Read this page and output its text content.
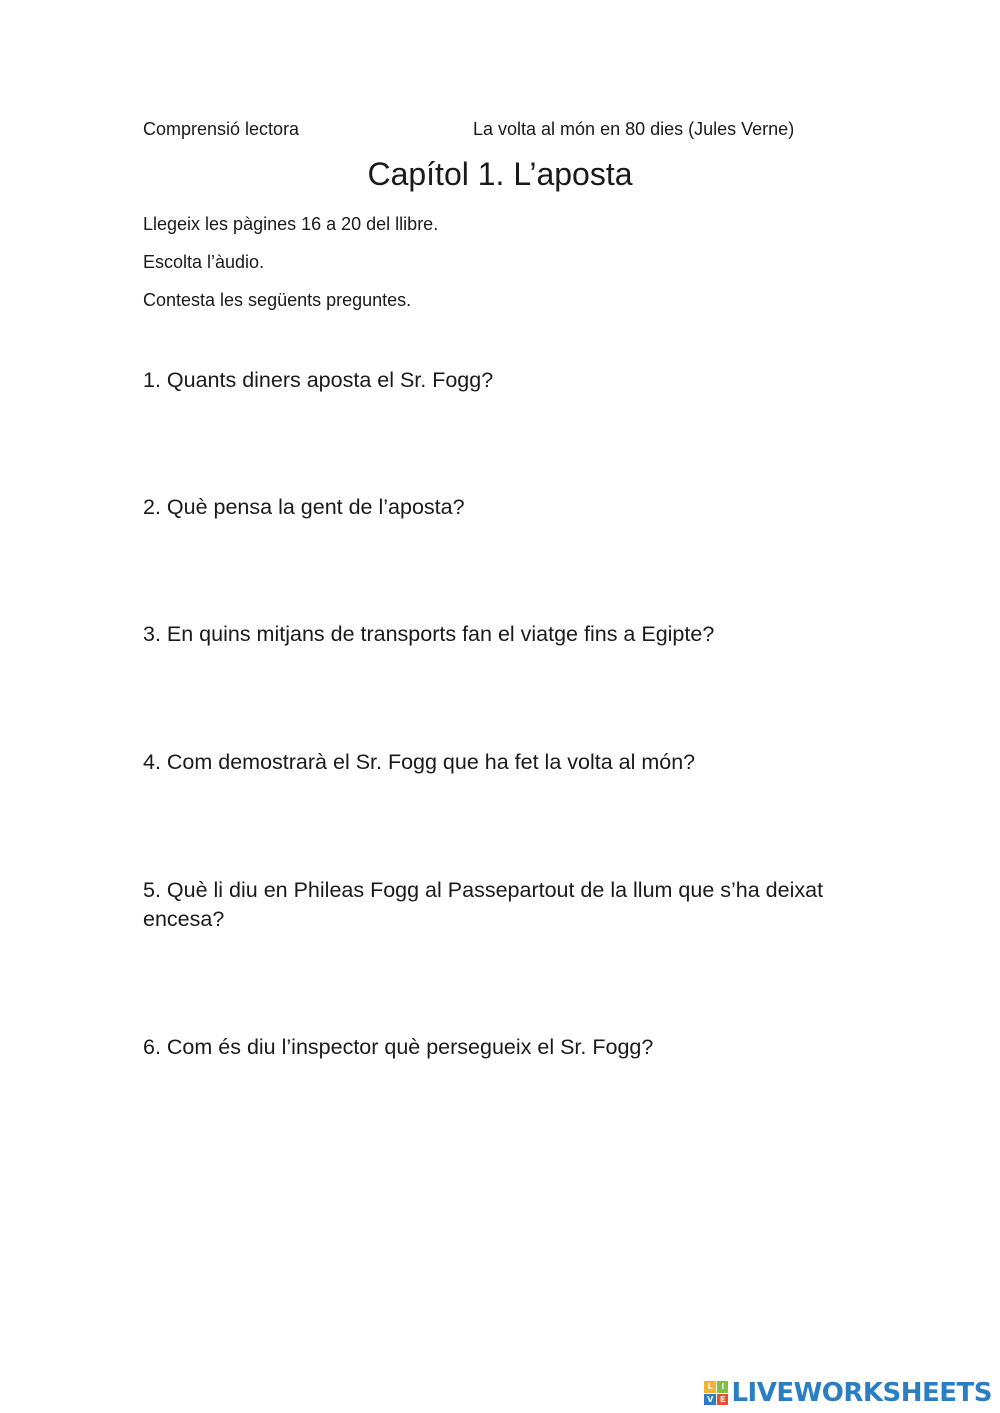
Comprensió lectora	La volta al món en 80 dies (Jules Verne)
Capítol 1. L’aposta
Llegeix les pàgines 16 a 20 del llibre.
Escolta l’àudio.
Contesta les següents preguntes.
1. Quants diners aposta el Sr. Fogg?
2. Què pensa la gent de l’aposta?
3. En quins mitjans de transports fan el viatge fins a Egipte?
4. Com demostrarà el Sr. Fogg que ha fet la volta al món?
5. Què li diu en Phileas Fogg al Passepartout de la llum que s’ha deixat encesa?
6. Com és diu l’inspector què persegueix el Sr. Fogg?
L	I
V E LIVEWORKSHEETS
